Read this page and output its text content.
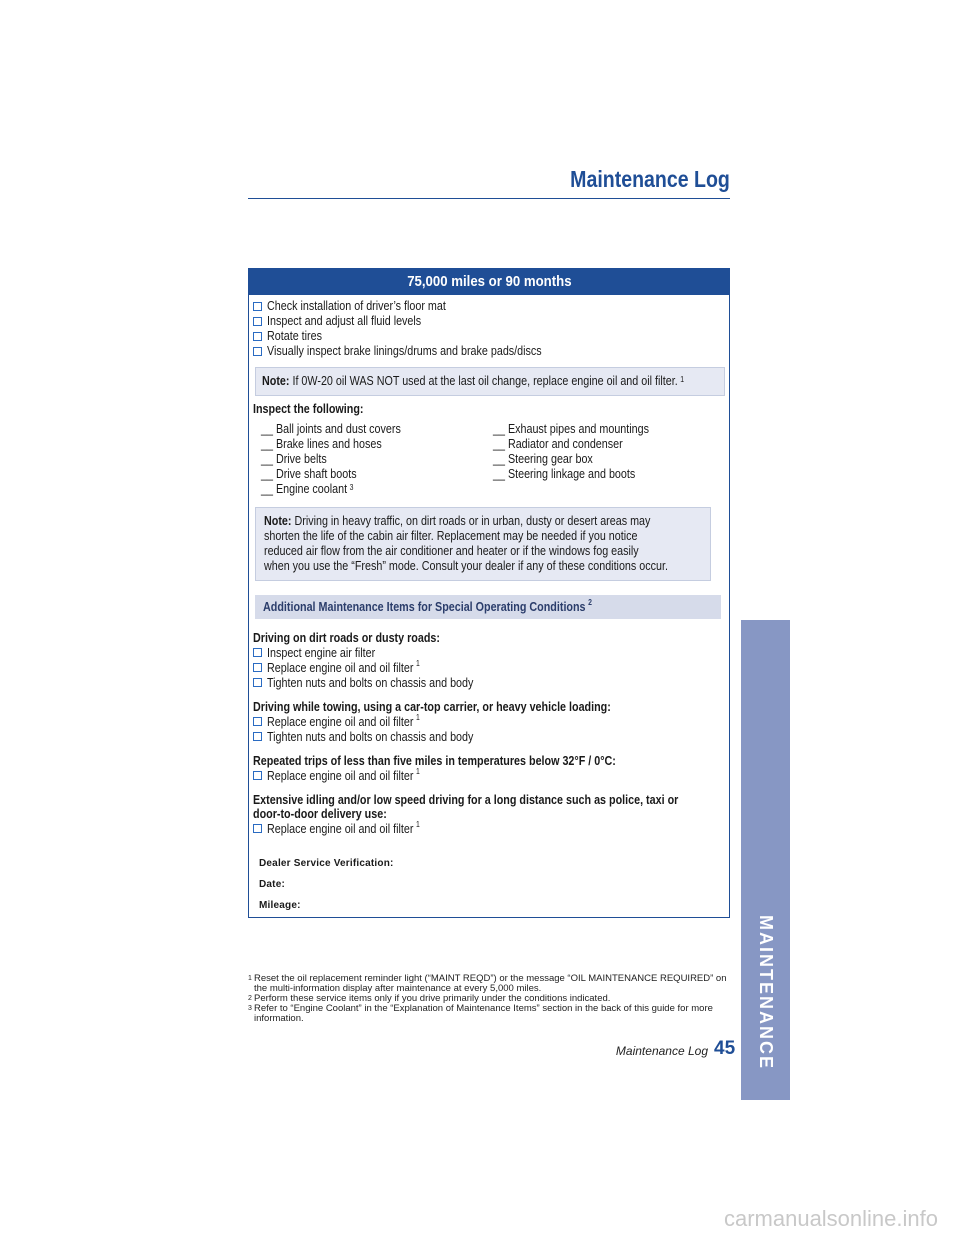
Maintenance Log
75,000 miles or 90 months
Check installation of driver’s floor mat
Inspect and adjust all fluid levels
Rotate tires
Visually inspect brake linings/drums and brake pads/discs
Note: If 0W-20 oil WAS NOT used at the last oil change, replace engine oil and oil filter. $^1$
Inspect the following:
__ Ball joints and dust covers
__ Brake lines and hoses
__ Drive belts
__ Drive shaft boots
__ Engine coolant $^3$
__ Exhaust pipes and mountings
__ Radiator and condenser
__ Steering gear box
__ Steering linkage and boots
Note: Driving in heavy traffic, on dirt roads or in urban, dusty or desert areas may
shorten the life of the cabin air filter. Replacement may be needed if you notice
reduced air flow from the air conditioner and heater or if the windows fog easily
when you use the “Fresh” mode. Consult your dealer if any of these conditions occur.
Additional Maintenance Items for Special Operating Conditions $^2$
Driving on dirt roads or dusty roads:
Inspect engine air filter
Replace engine oil and oil filter $^1$
Tighten nuts and bolts on chassis and body
Driving while towing, using a car-top carrier, or heavy vehicle loading:
Replace engine oil and oil filter $^1$
Tighten nuts and bolts on chassis and body
Repeated trips of less than five miles in temperatures below 32°F / 0°C:
Replace engine oil and oil filter $^1$
Extensive idling and/or low speed driving for a long distance such as police, taxi or
door-to-door delivery use:
Replace engine oil and oil filter $^1$
Dealer Service Verification:
Date:
Mileage:
1 Reset the oil replacement reminder light (“MAINT REQD”) or the message “OIL MAINTENANCE REQUIRED” on the multi-information display after maintenance at every 5,000 miles.
2 Perform these service items only if you drive primarily under the conditions indicated.
3 Refer to “Engine Coolant” in the “Explanation of Maintenance Items” section in the back of this guide for more information.
Maintenance Log 45 MAINTENANCE
carmanualsonline.info
